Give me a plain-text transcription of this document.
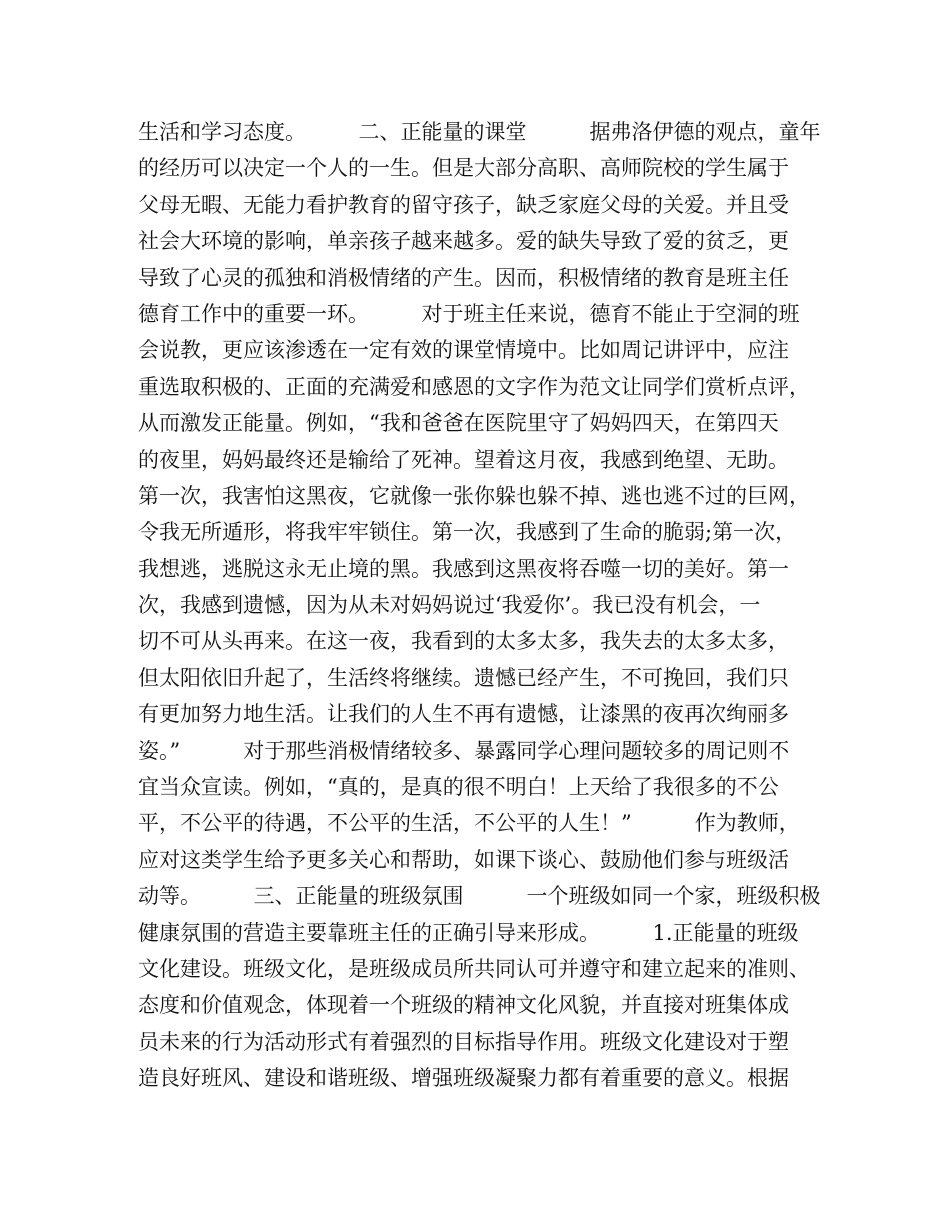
生活和学习态度。　　　二、正能量的课堂　　　据弗洛伊德的观点，童年
的经历可以决定一个人的一生。但是大部分高职、高师院校的学生属于
父母无暇、无能力看护教育的留守孩子，缺乏家庭父母的关爱。并且受
社会大环境的影响，单亲孩子越来越多。爱的缺失导致了爱的贫乏，更
导致了心灵的孤独和消极情绪的产生。因而，积极情绪的教育是班主任
德育工作中的重要一环。　　　对于班主任来说，德育不能止于空洞的班
会说教，更应该渗透在一定有效的课堂情境中。比如周记讲评中，应注
重选取积极的、正面的充满爱和感恩的文字作为范文让同学们赏析点评，
从而激发正能量。例如，“我和爸爸在医院里守了妈妈四天，在第四天
的夜里，妈妈最终还是输给了死神。望着这月夜，我感到绝望、无助。
第一次，我害怕这黑夜，它就像一张你躲也躲不掉、逃也逃不过的巨网，
令我无所遁形，将我牢牢锁住。第一次，我感到了生命的脆弱;第一次，
我想逃，逃脱这永无止境的黑。我感到这黑夜将吞噬一切的美好。第一
次，我感到遗憾，因为从未对妈妈说过‘我爱你’。我已没有机会，一
切不可从头再来。在这一夜，我看到的太多太多，我失去的太多太多，
但太阳依旧升起了，生活终将继续。遗憾已经产生，不可挽回，我们只
有更加努力地生活。让我们的人生不再有遗憾，让漆黑的夜再次绚丽多
姿。”　　　对于那些消极情绪较多、暴露同学心理问题较多的周记则不
宜当众宣读。例如，“真的，是真的很不明白！上天给了我很多的不公
平，不公平的待遇，不公平的生活，不公平的人生！”　　　作为教师，
应对这类学生给予更多关心和帮助，如课下谈心、鼓励他们参与班级活
动等。　　　三、正能量的班级氛围　　　一个班级如同一个家，班级积极
健康氛围的营造主要靠班主任的正确引导来形成。　　　1.正能量的班级
文化建设。班级文化，是班级成员所共同认可并遵守和建立起来的准则、
态度和价值观念，体现着一个班级的精神文化风貌，并直接对班集体成
员未来的行为活动形式有着强烈的目标指导作用。班级文化建设对于塑
造良好班风、建设和谐班级、增强班级凝聚力都有着重要的意义。根据
